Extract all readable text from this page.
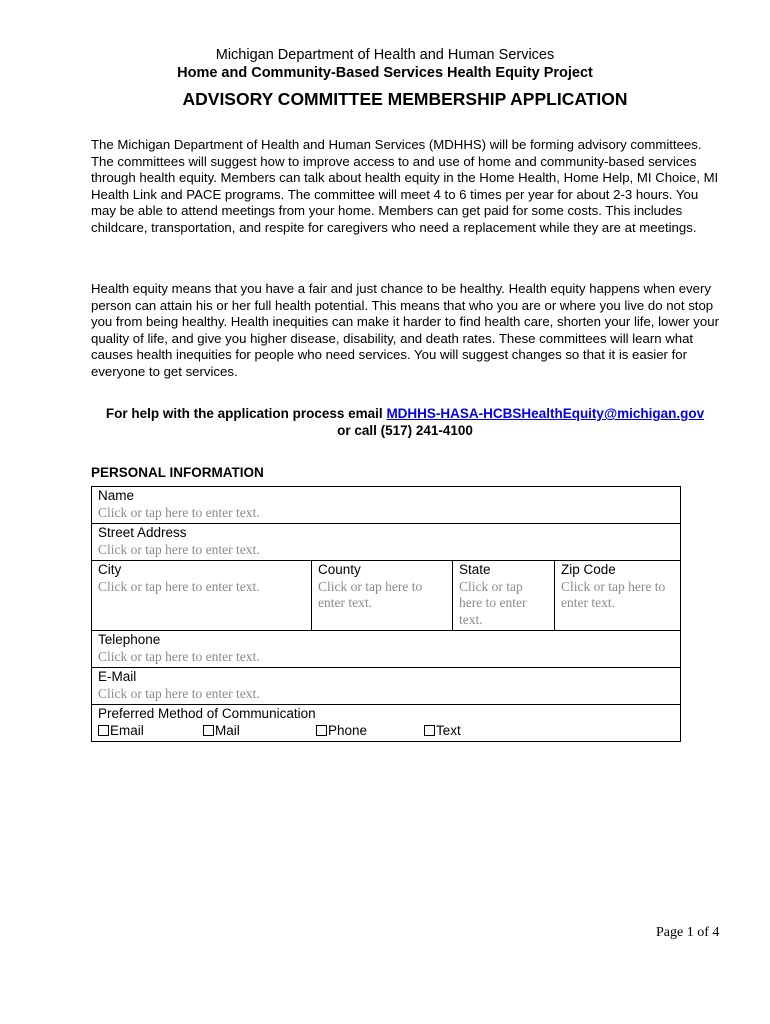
Michigan Department of Health and Human Services
Home and Community-Based Services Health Equity Project
ADVISORY COMMITTEE MEMBERSHIP APPLICATION
The Michigan Department of Health and Human Services (MDHHS) will be forming advisory committees. The committees will suggest how to improve access to and use of home and community-based services through health equity. Members can talk about health equity in the Home Health, Home Help, MI Choice, MI Health Link and PACE programs. The committee will meet 4 to 6 times per year for about 2-3 hours. You may be able to attend meetings from your home. Members can get paid for some costs. This includes childcare, transportation, and respite for caregivers who need a replacement while they are at meetings.
Health equity means that you have a fair and just chance to be healthy. Health equity happens when every person can attain his or her full health potential. This means that who you are or where you live do not stop you from being healthy. Health inequities can make it harder to find health care, shorten your life, lower your quality of life, and give you higher disease, disability, and death rates. These committees will learn what causes health inequities for people who need services. You will suggest changes so that it is easier for everyone to get services.
For help with the application process email MDHHS-HASA-HCBSHealthEquity@michigan.gov
or call (517) 241-4100
PERSONAL INFORMATION
Name
Click or tap here to enter text.

Street Address
Click or tap here to enter text.

City
Click or tap here to enter text.

County
Click or tap here to enter text.

State
Click or tap here to enter text.

Zip Code
Click or tap here to enter text.

Telephone
Click or tap here to enter text.

E-Mail
Click or tap here to enter text.

Preferred Method of Communication
Email	Mail	Phone	Text
Page 1 of 4
